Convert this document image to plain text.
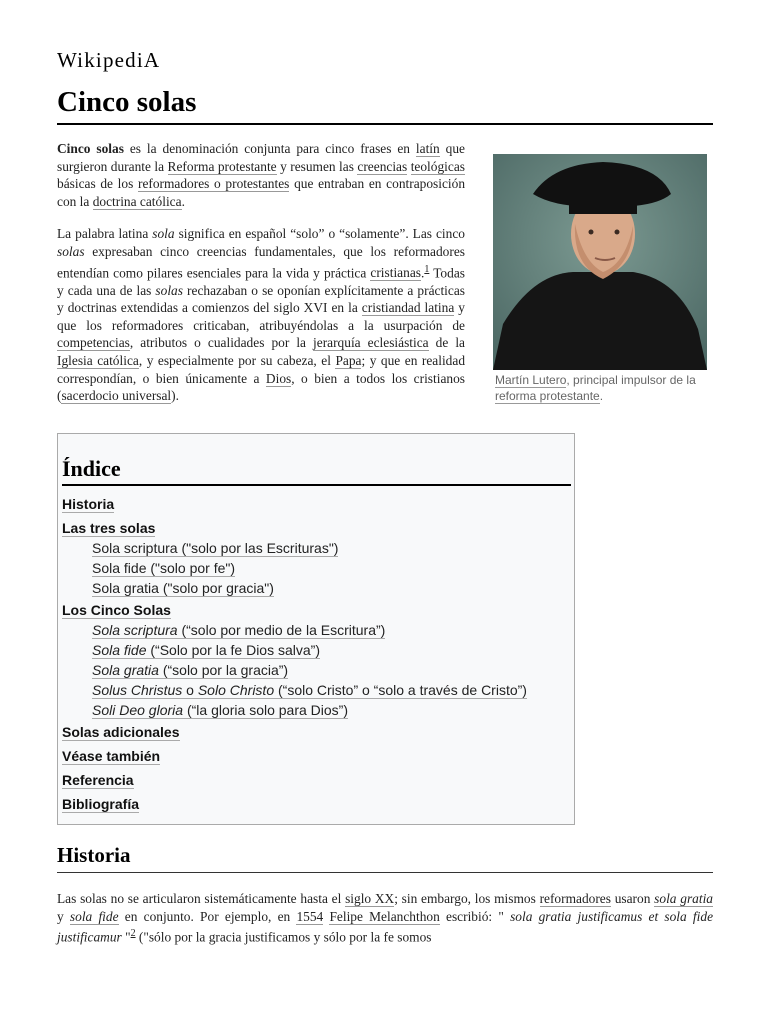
WikipediA
Cinco solas

Cinco solas es la denominación conjunta para cinco frases en latín que surgieron durante la Reforma protestante y resumen las creencias teológicas básicas de los reformadores o protestantes que entraban en contraposición con la doctrina católica.

La palabra latina sola significa en español “solo” o “solamente”. Las cinco solas expresaban cinco creencias fundamentales, que los reformadores entendían como pilares esenciales para la vida y práctica cristianas.$^1$ Todas y cada una de las solas rechazaban o se oponían explícitamente a prácticas y doctrinas extendidas a comienzos del siglo XVI en la cristiandad latina y que los reformadores criticaban, atribuyéndolas a la usurpación de competencias, atributos o cualidades por la jerarquía eclesiástica de la Iglesia católica, y especialmente por su cabeza, el Papa; y que en realidad correspondían, o bien únicamente a Dios, o bien a todos los cristianos (sacerdocio universal).

Martín Lutero, principal impulsor de la reforma protestante.
Índice
Historia
Las tres solas
Sola scriptura ("solo por las Escrituras")
Sola fide ("solo por fe")
Sola gratia ("solo por gracia")
Los Cinco Solas
Sola scriptura (“solo por medio de la Escritura”)
Sola fide (“Solo por la fe Dios salva”)
Sola gratia (“solo por la gracia”)
Solus Christus o Solo Christo (“solo Cristo” o “solo a través de Cristo”)
Soli Deo gloria (“la gloria solo para Dios”)
Solas adicionales
Véase también
Referencia
Bibliografía
Historia

Las solas no se articularon sistemáticamente hasta el siglo XX; sin embargo, los mismos reformadores usaron sola gratia y sola fide en conjunto. Por ejemplo, en 1554 Felipe Melanchthon escribió: " sola gratia justificamus et sola fide justificamur "$^2$ ("sólo por la gracia justificamos y sólo por la fe somos
